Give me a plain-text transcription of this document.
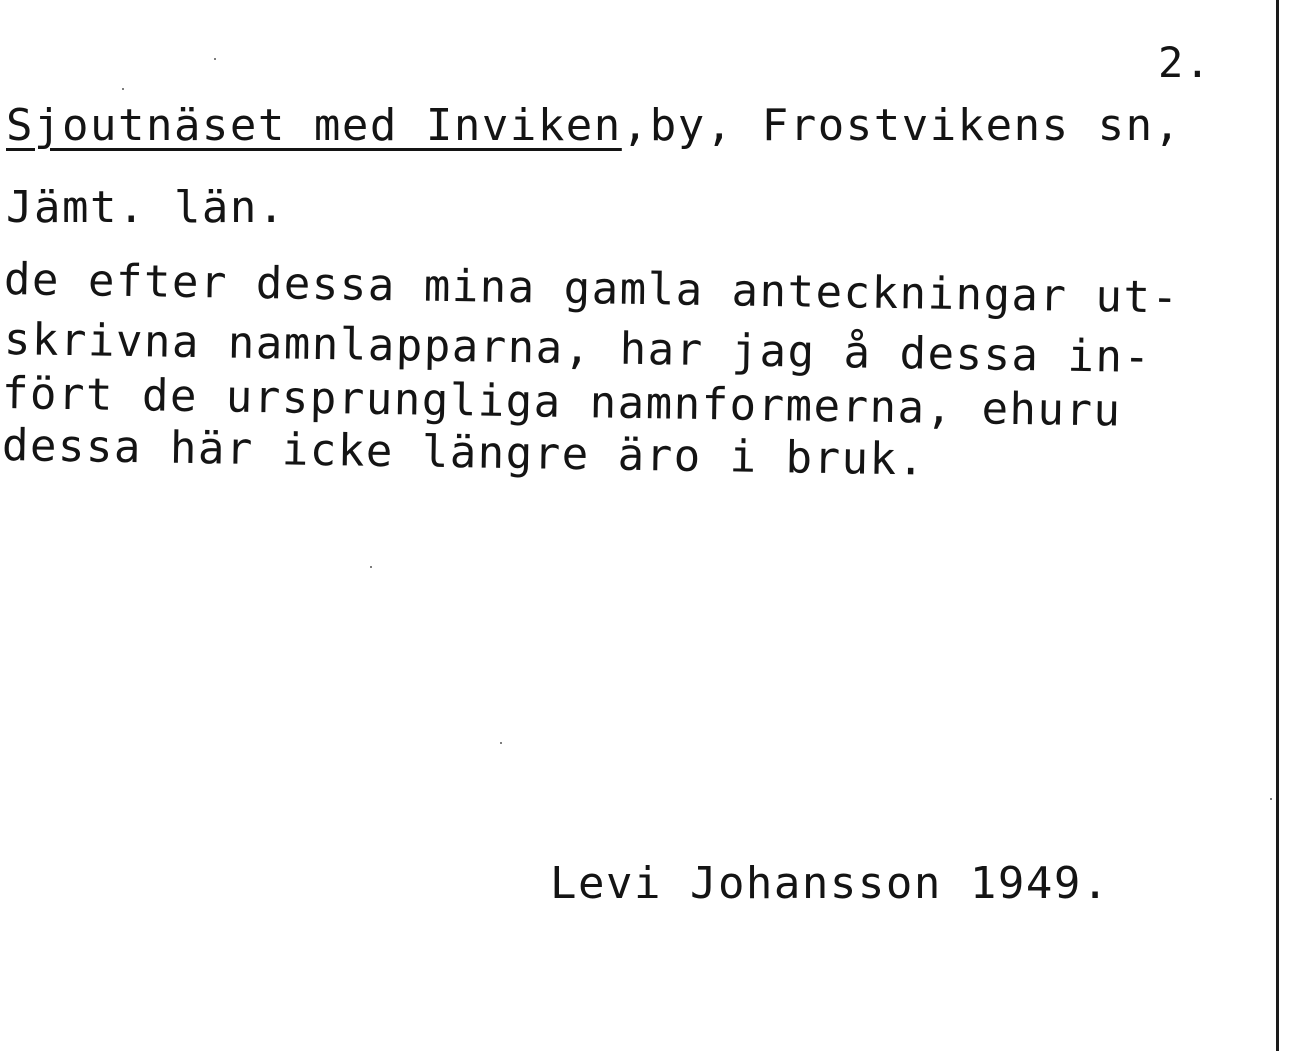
2.
Sjoutnäset med Inviken,by, Frostvikens sn,
Jämt. län.
de efter dessa mina gamla anteckningar ut-
skrivna namnlapparna, har jag å dessa in-
fört de ursprungliga namnformerna, ehuru
dessa här icke längre äro i bruk.
Levi Johansson 1949.
